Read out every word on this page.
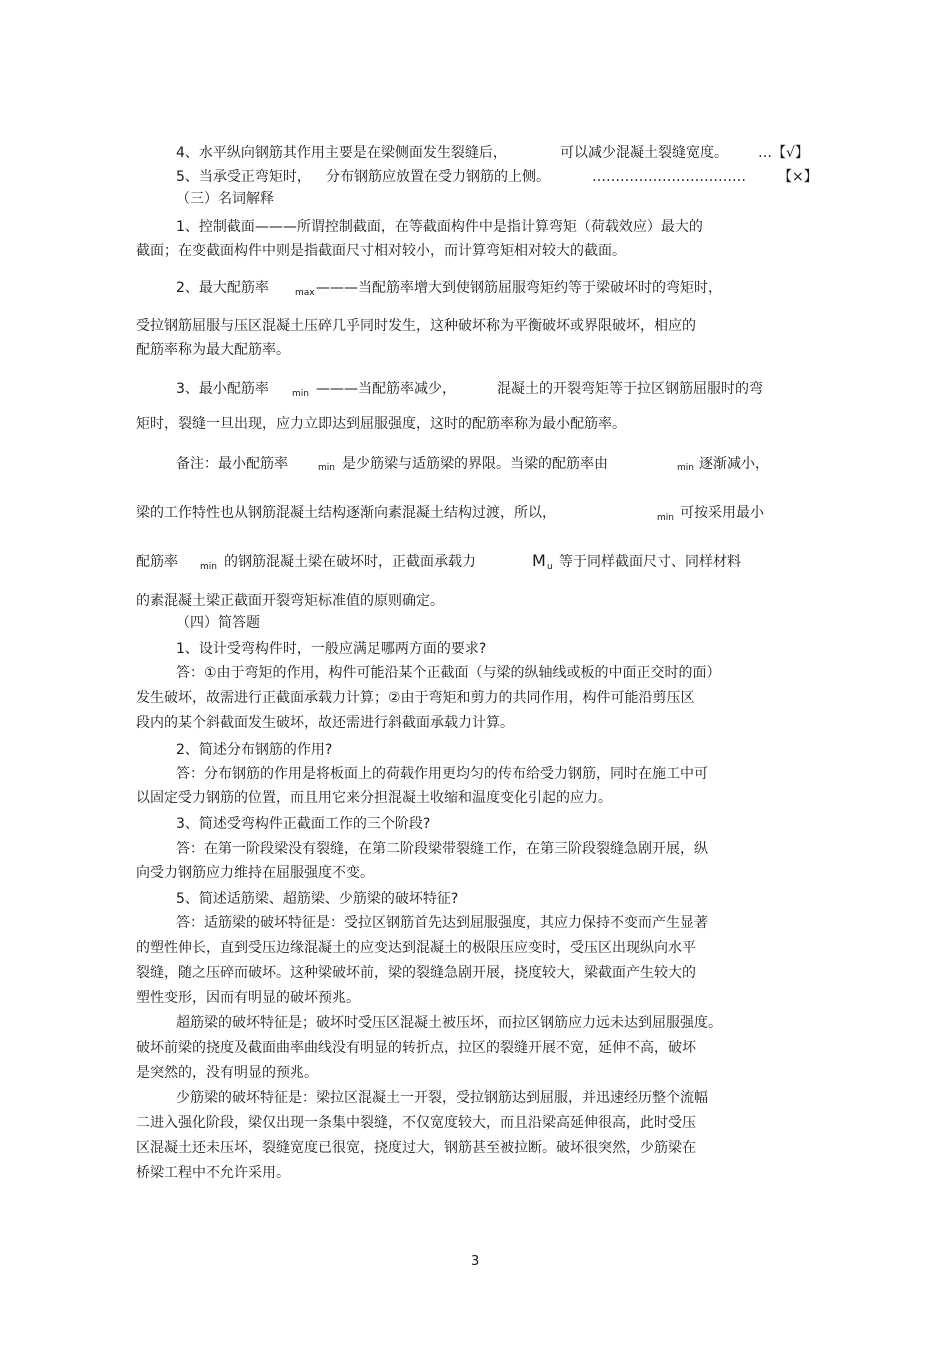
4、水平纵向钢筋其作用主要是在梁侧面发生裂缝后，	可以减少混凝土裂缝宽度。 …【√】
5、当承受正弯矩时， 分布钢筋应放置在受力钢筋的上侧。	…………………………… 【×】
（三）名词解释
1、控制截面———所谓控制截面，在等截面构件中是指计算弯矩（荷载效应）最大的
截面；在变截面构件中则是指截面尺寸相对较小，而计算弯矩相对较大的截面。
2、最大配筋率	max ———当配筋率增大到使钢筋屈服弯矩约等于梁破坏时的弯矩时，
受拉钢筋屈服与压区混凝土压碎几乎同时发生，这种破坏称为平衡破坏或界限破坏，相应的
配筋率称为最大配筋率。
3、最小配筋率	min ———当配筋率减少，	混凝土的开裂弯矩等于拉区钢筋屈服时的弯
矩时，裂缝一旦出现，应力立即达到屈服强度，这时的配筋率称为最小配筋率。
备注：最小配筋率	min 是少筋梁与适筋梁的界限。当梁的配筋率由	min 逐渐减小，
梁的工作特性也从钢筋混凝土结构逐渐向素混凝土结构过渡，所以，	min 可按采用最小
配筋率 min 的钢筋混凝土梁在破坏时，正截面承载力	M u 等于同样截面尺寸、同样材料
的素混凝土梁正截面开裂弯矩标准值的原则确定。
（四）简答题
1、设计受弯构件时，一般应满足哪两方面的要求?
答：①由于弯矩的作用，构件可能沿某个正截面（与梁的纵轴线或板的中面正交时的面）
发生破坏，故需进行正截面承载力计算；②由于弯矩和剪力的共同作用，构件可能沿剪压区
段内的某个斜截面发生破坏，故还需进行斜截面承载力计算。
2、简述分布钢筋的作用?
答：分布钢筋的作用是将板面上的荷载作用更均匀的传布给受力钢筋，同时在施工中可
以固定受力钢筋的位置，而且用它来分担混凝土收缩和温度变化引起的应力。
3、简述受弯构件正截面工作的三个阶段?
答：在第一阶段梁没有裂缝，在第二阶段梁带裂缝工作，在第三阶段裂缝急剧开展，纵
向受力钢筋应力维持在屈服强度不变。
5、简述适筋梁、超筋梁、少筋梁的破坏特征?
答：适筋梁的破坏特征是：受拉区钢筋首先达到屈服强度，其应力保持不变而产生显著
的塑性伸长，直到受压边缘混凝土的应变达到混凝土的极限压应变时，受压区出现纵向水平
裂缝，随之压碎而破坏。这种梁破坏前，梁的裂缝急剧开展，挠度较大，梁截面产生较大的
塑性变形，因而有明显的破坏预兆。
超筋梁的破坏特征是；破坏时受压区混凝土被压坏，而拉区钢筋应力远未达到屈服强度。
破坏前梁的挠度及截面曲率曲线没有明显的转折点，拉区的裂缝开展不宽，延伸不高，破坏
是突然的，没有明显的预兆。
少筋梁的破坏特征是：梁拉区混凝土一开裂，受拉钢筋达到屈服，并迅速经历整个流幅
二进入强化阶段，梁仅出现一条集中裂缝，不仅宽度较大，而且沿梁高延伸很高，此时受压
区混凝土还未压坏，裂缝宽度已很宽，挠度过大，钢筋甚至被拉断。破坏很突然，少筋梁在
桥梁工程中不允许采用。
3
